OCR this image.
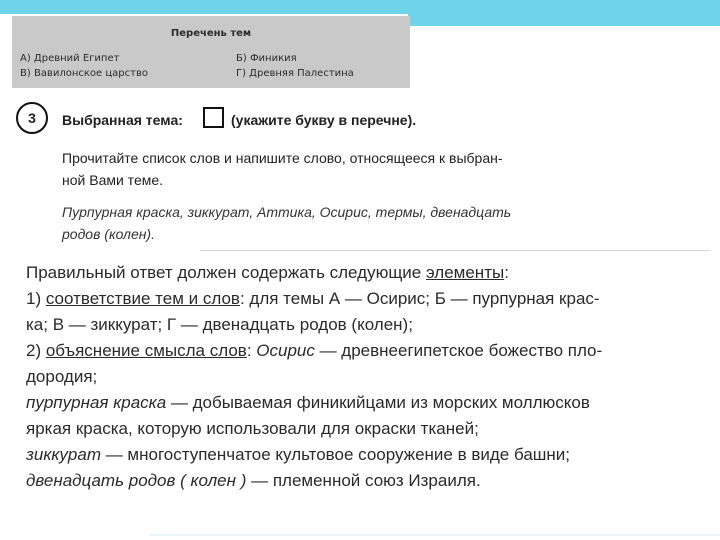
Перечень тем
А) Древний Египет	Б) Финикия
В) Вавилонское царство	Г) Древняя Палестина
3	Выбранная тема:	(укажите букву в перечне).
Прочитайте список слов и напишите слово, относящееся к выбран-
ной Вами теме.
Пурпурная краска, зиккурат, Аттика, Осирис, термы, двенадцать
родов (колен).
Правильный ответ должен содержать следующие элементы:
1) соответствие тем и слов: для темы А — Осирис; Б — пурпурная крас-
ка; В — зиккурат; Г — двенадцать родов (колен);
2) объяснение смысла слов: Осирис — древнеегипетское божество пло-
дородия;
пурпурная краска — добываемая финикийцами из морских моллюсков
яркая краска, которую использовали для окраски тканей;
зиккурат — многоступенчатое культовое сооружение в виде башни;
двенадцать родов ( колен ) — племенной союз Израиля.
